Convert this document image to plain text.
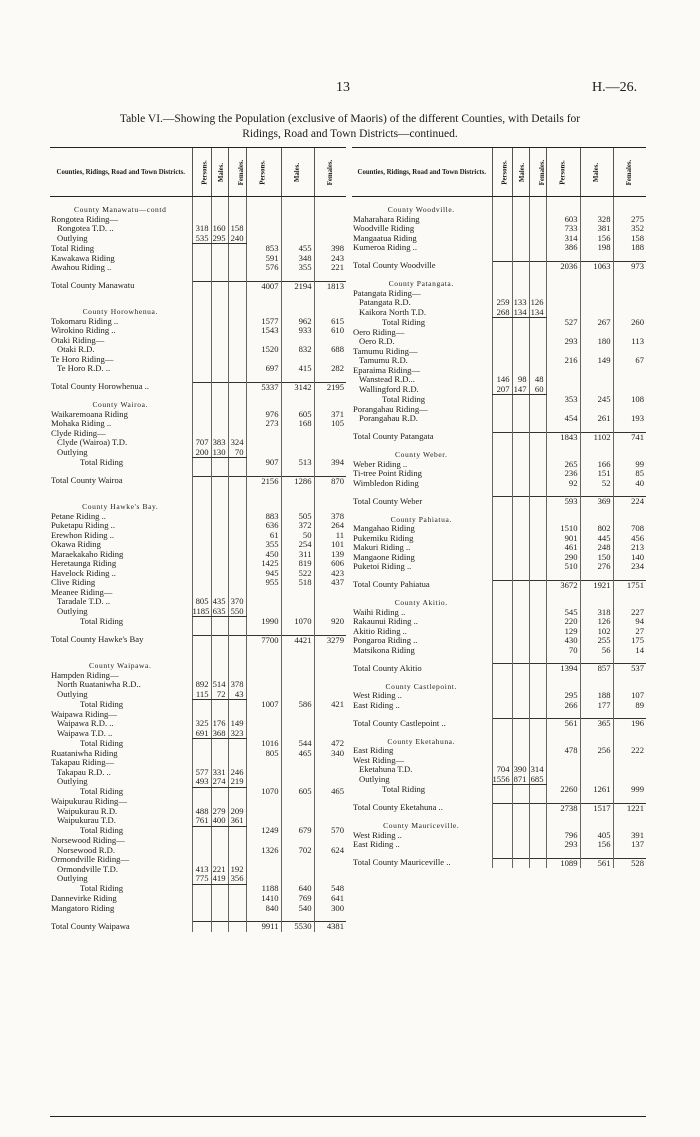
13	H.—26.
Table VI.—Showing the Population (exclusive of Maoris) of the different Counties, with Details for
Ridings, Road and Town Districts—continued.
Counties, Ridings, Road and Town Districts.	Persons.	Males.	Females.	Persons.	Males.	Females.

County Manawatu—contd						
Rongotea Riding—						
Rongotea T.D. ..	318	160	158			
Outlying	535	295	240			
Total Riding				853	455	398
Kawakawa Riding				591	348	243
Awahou Riding ..				576	355	221

Total County Manawatu				4007	2194	1813

County Horowhenua.						
Tokomaru Riding ..				1577	962	615
Wirokino Riding ..				1543	933	610
Otaki Riding—						
Otaki R.D.				1520	832	688
Te Horo Riding—						
Te Horo R.D. ..				697	415	282

Total County Horowhenua ..				5337	3142	2195

County Wairoa.						
Waikaremoana Riding				976	605	371
Mohaka Riding ..				273	168	105
Clyde Riding—						
Clyde (Wairoa) T.D.	707	383	324			
Outlying	200	130	70			
Total Riding				907	513	394

Total County Wairoa				2156	1286	870

County Hawke's Bay.						
Petane Riding ..				883	505	378
Puketapu Riding ..				636	372	264
Erewhon Riding ..				61	50	11
Okawa Riding				355	254	101
Maraekakaho Riding				450	311	139
Heretaunga Riding				1425	819	606
Havelock Riding ..				945	522	423
Clive Riding				955	518	437
Meanee Riding—						
Taradale T.D. ..	805	435	370			
Outlying	1185	635	550			
Total Riding				1990	1070	920

Total County Hawke's Bay				7700	4421	3279

County Waipawa.						
Hampden Riding—						
North Ruataniwha R.D..	892	514	378			
Outlying	115	72	43			
Total Riding				1007	586	421
Waipawa Riding—						
Waipawa R.D. ..	325	176	149			
Waipawa T.D. ..	691	368	323			
Total Riding				1016	544	472
Ruataniwha Riding				805	465	340
Takapau Riding—						
Takapau R.D. ..	577	331	246			
Outlying	493	274	219			
Total Riding				1070	605	465
Waipukurau Riding—						
Waipukurau R.D.	488	279	209			
Waipukurau T.D.	761	400	361			
Total Riding				1249	679	570
Norsewood Riding—						
Norsewood R.D.				1326	702	624
Ormondville Riding—						
Ormondville T.D.	413	221	192			
Outlying	775	419	356			
Total Riding				1188	640	548
Dannevirke Riding				1410	769	641
Mangatoro Riding				840	540	300

Total County Waipawa				9911	5530	4381
Counties, Ridings, Road and Town Districts.	Persons.	Males.	Females.	Persons.	Males.	Females.

County Woodville.						
Maharahara Riding				603	328	275
Woodville Riding				733	381	352
Mangaatua Riding				314	156	158
Kumeroa Riding ..				386	198	188

Total County Woodville				2036	1063	973

County Patangata.						
Patangata Riding—						
Patangata R.D.	259	133	126			
Kaikora North T.D.	268	134	134			
Total Riding				527	267	260
Oero Riding—						
Oero R.D.				293	180	113
Tamumu Riding—						
Tamumu R.D.				216	149	67
Eparaima Riding—						
Wanstead R.D...	146	98	48			
Wallingford R.D.	207	147	60			
Total Riding				353	245	108
Porangahau Riding—						
Porangahau R.D.				454	261	193

Total County Patangata				1843	1102	741

County Weber.						
Weber Riding ..				265	166	99
Ti-tree Point Riding				236	151	85
Wimbledon Riding				92	52	40

Total County Weber				593	369	224

County Pahiatua.						
Mangahao Riding				1510	802	708
Pukemiku Riding				901	445	456
Makuri Riding ..				461	248	213
Mangaone Riding				290	150	140
Puketoi Riding ..				510	276	234

Total County Pahiatua				3672	1921	1751

County Akitio.						
Waihi Riding ..				545	318	227
Rakaunui Riding ..				220	126	94
Akitio Riding ..				129	102	27
Pongaroa Riding ..				430	255	175
Matsikona Riding				70	56	14

Total County Akitio				1394	857	537

County Castlepoint.						
West Riding ..				295	188	107
East Riding ..				266	177	89

Total County Castlepoint ..				561	365	196

County Eketahuna.						
East Riding				478	256	222
West Riding—						
Eketahuna T.D.	704	390	314			
Outlying	1556	871	685			
Total Riding				2260	1261	999

Total County Eketahuna ..				2738	1517	1221

County Mauriceville.						
West Riding ..				796	405	391
East Riding ..				293	156	137

Total County Mauriceville ..				1089	561	528
